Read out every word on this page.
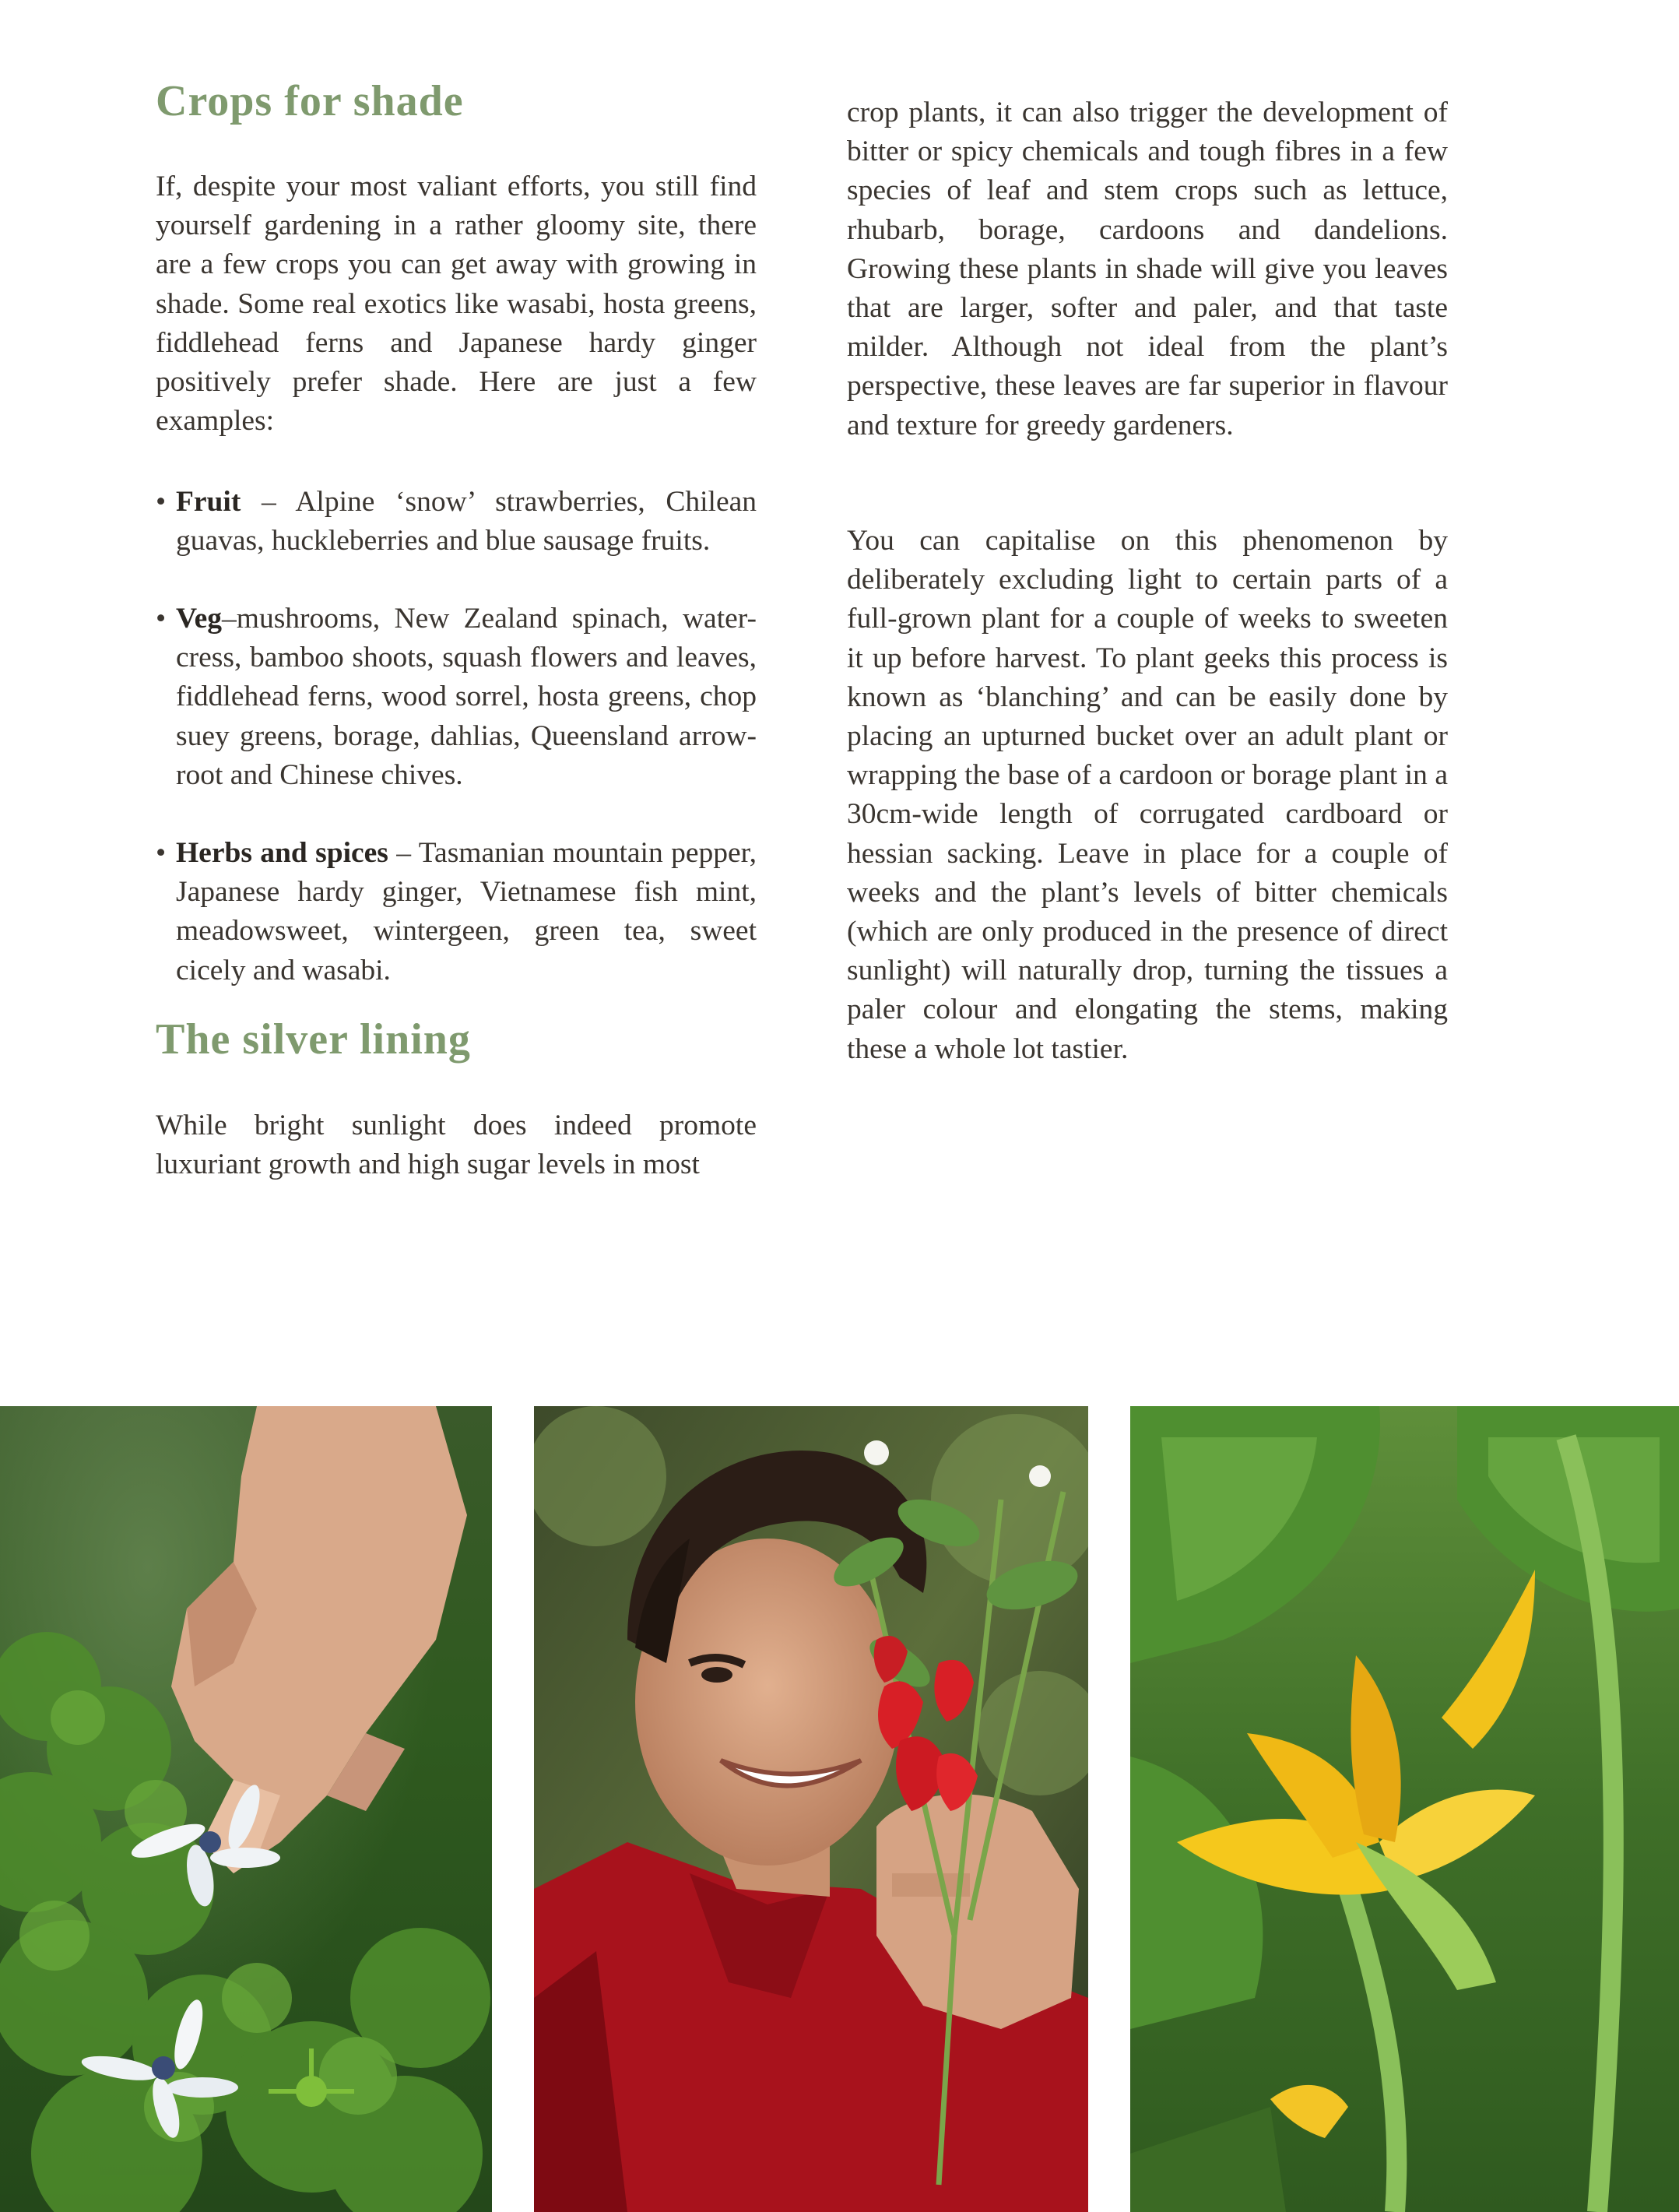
Crops for shade

If, despite your most valiant efforts, you still find yourself gardening in a rather gloomy site, there are a few crops you can get away with growing in shade. Some real exotics like wasabi, hosta greens, fiddlehead ferns and Japanese hardy ginger positively prefer shade. Here are just a few examples:

• Fruit – Alpine ‘snow’ strawberries, Chilean guavas, huckleberries and blue sausage fruits.
• Veg–mushrooms, New Zealand spinach, water-cress, bamboo shoots, squash flowers and leaves, fiddlehead ferns, wood sorrel, hosta greens, chop suey greens, borage, dahlias, Queensland arrow-root and Chinese chives.
• Herbs and spices – Tasmanian mountain pepper, Japanese hardy ginger, Vietnamese fish mint, meadowsweet, wintergeen, green tea, sweet cicely and wasabi.
The silver lining

While bright sunlight does indeed promote luxuriant growth and high sugar levels in most

crop plants, it can also trigger the development of bitter or spicy chemicals and tough fibres in a few species of leaf and stem crops such as lettuce, rhubarb, borage, cardoons and dandelions. Growing these plants in shade will give you leaves that are larger, softer and paler, and that taste milder. Although not ideal from the plant’s perspective, these leaves are far superior in flavour and texture for greedy gardeners.

You can capitalise on this phenomenon by deliberately excluding light to certain parts of a full-grown plant for a couple of weeks to sweeten it up before harvest. To plant geeks this process is known as ‘blanching’ and can be easily done by placing an upturned bucket over an adult plant or wrapping the base of a cardoon or borage plant in a 30cm-wide length of corrugated cardboard or hessian sacking. Leave in place for a couple of weeks and the plant’s levels of bitter chemicals (which are only produced in the presence of direct sunlight) will naturally drop, turning the tissues a paler colour and elongating the stems, making these a whole lot tastier.
